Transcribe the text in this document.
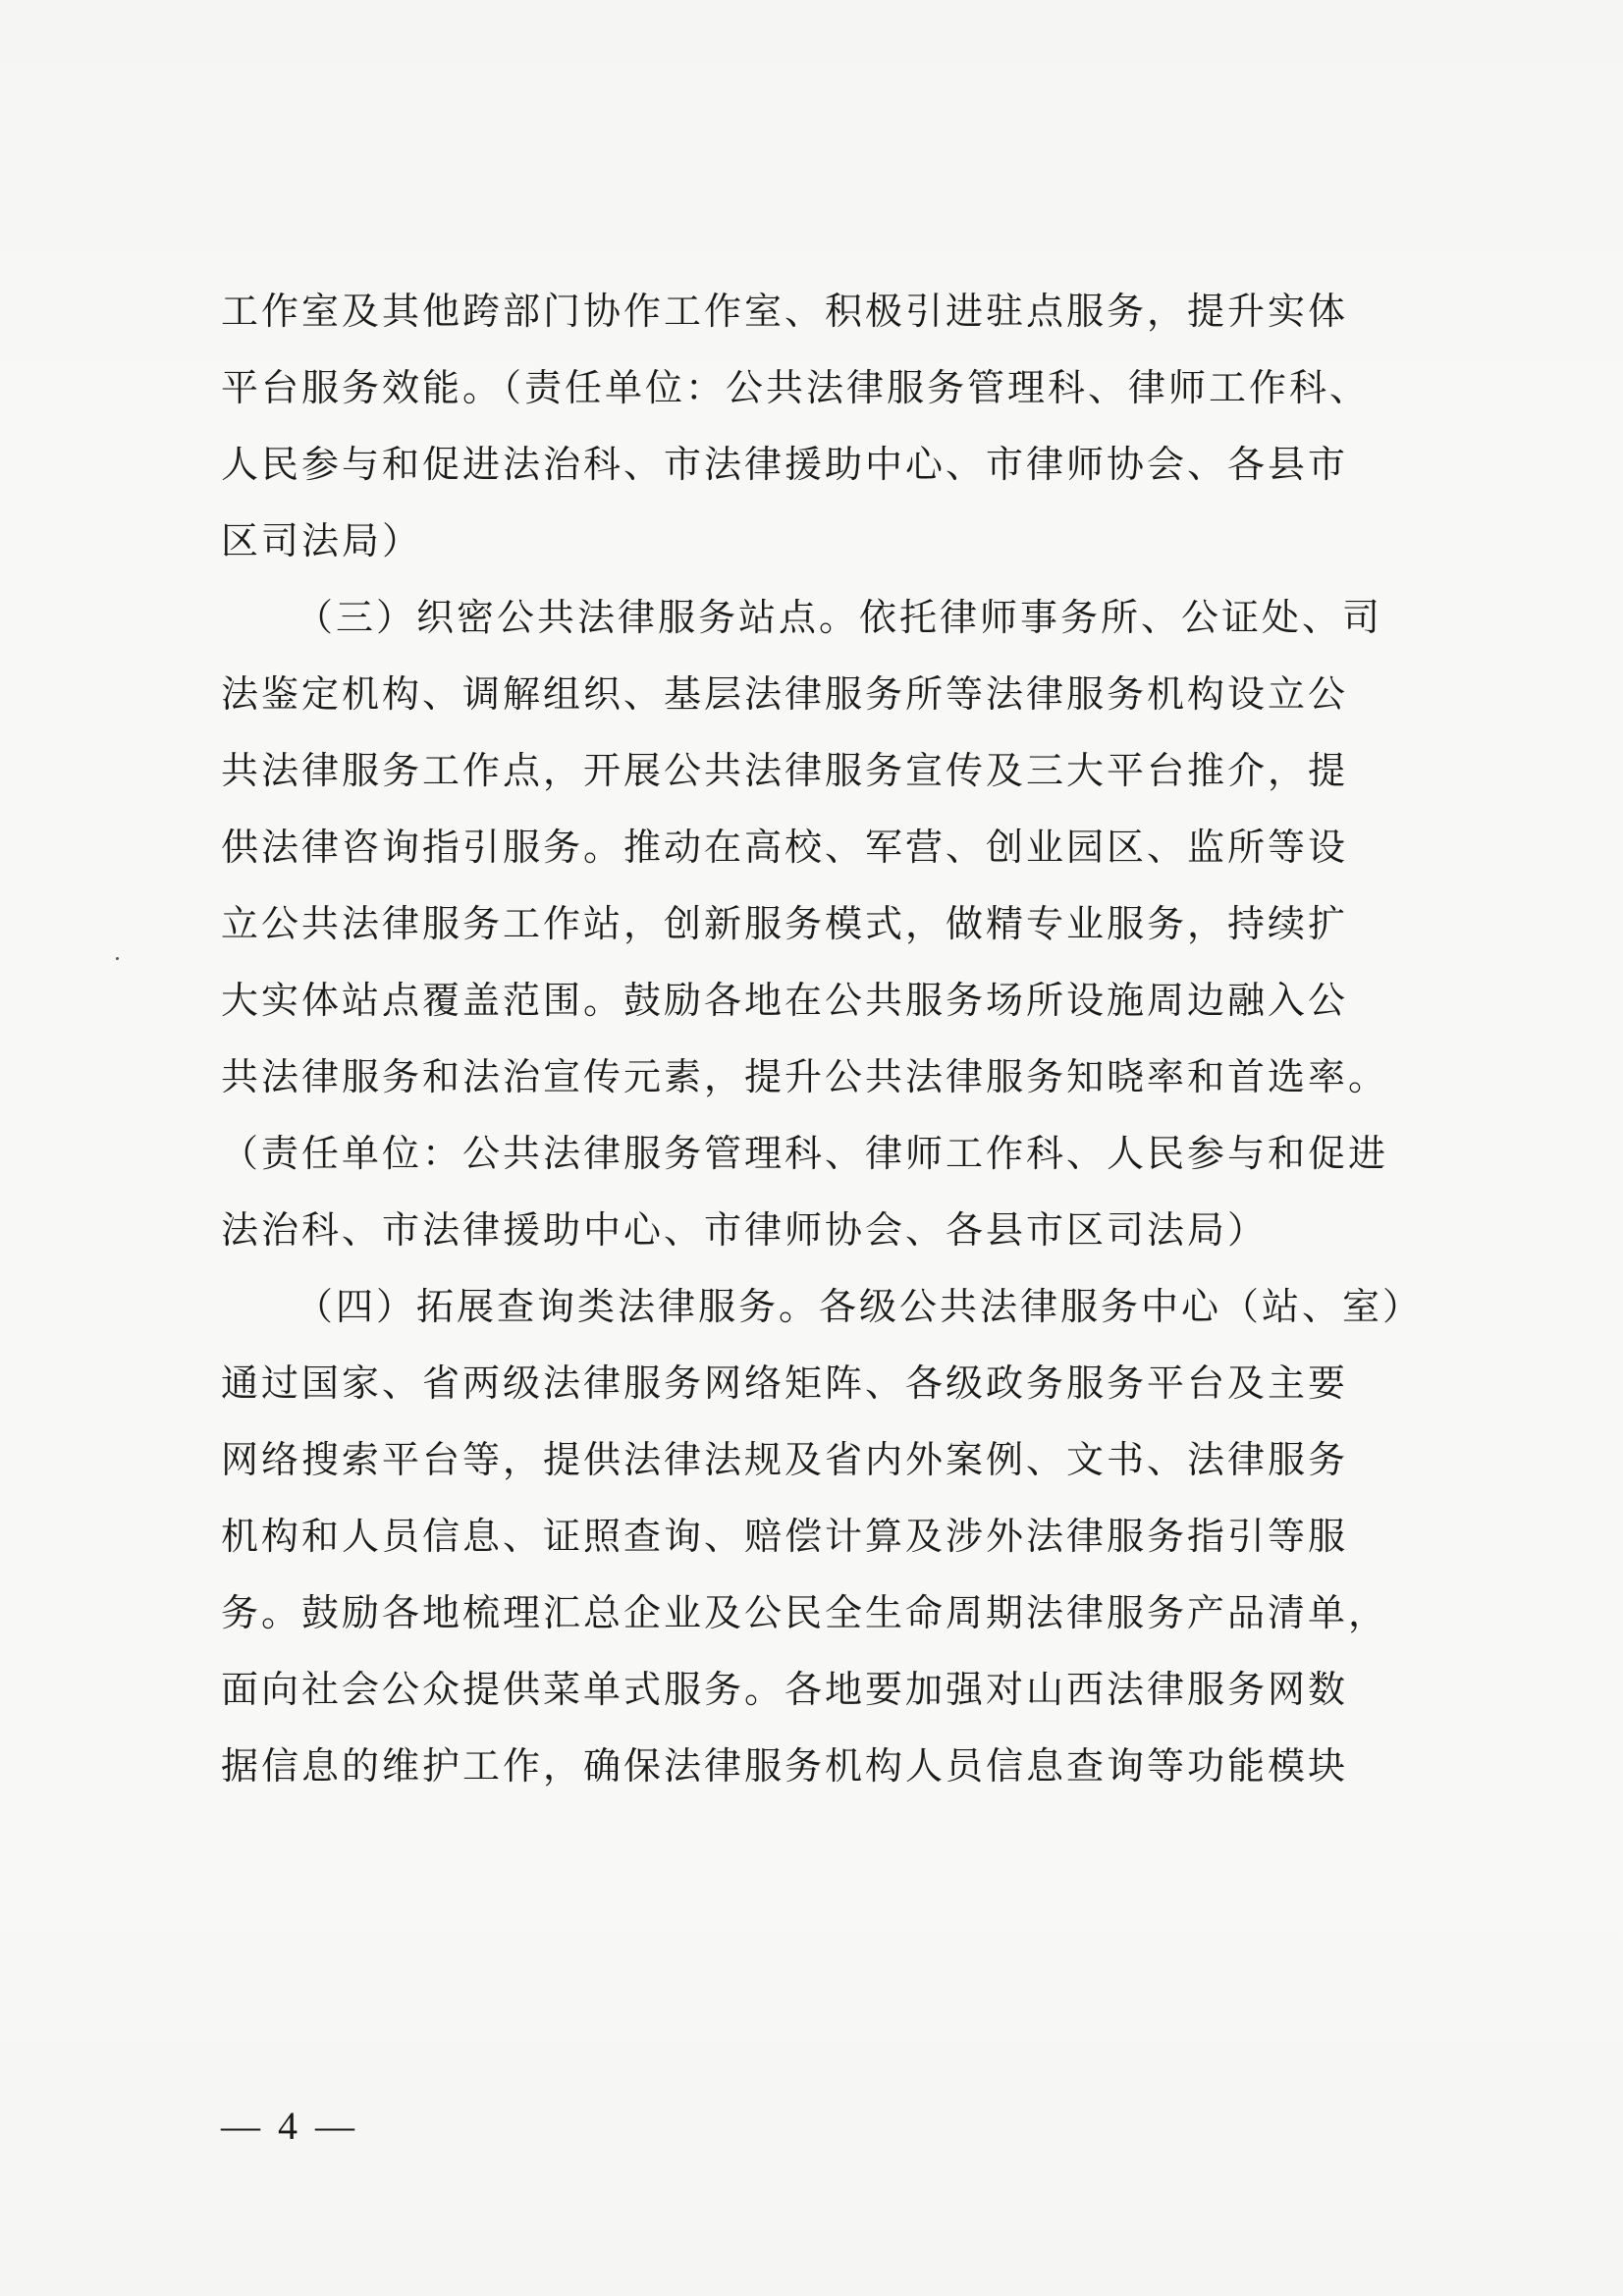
工作室及其他跨部门协作工作室、积极引进驻点服务，提升实体
平台服务效能。（责任单位：公共法律服务管理科、律师工作科、
人民参与和促进法治科、市法律援助中心、市律师协会、各县市
区司法局）
（三）织密公共法律服务站点。依托律师事务所、公证处、司
法鉴定机构、调解组织、基层法律服务所等法律服务机构设立公
共法律服务工作点，开展公共法律服务宣传及三大平台推介，提
供法律咨询指引服务。推动在高校、军营、创业园区、监所等设
立公共法律服务工作站，创新服务模式，做精专业服务，持续扩
大实体站点覆盖范围。鼓励各地在公共服务场所设施周边融入公
共法律服务和法治宣传元素，提升公共法律服务知晓率和首选率。
（责任单位：公共法律服务管理科、律师工作科、人民参与和促进
法治科、市法律援助中心、市律师协会、各县市区司法局）
（四）拓展查询类法律服务。各级公共法律服务中心（站、室）
通过国家、省两级法律服务网络矩阵、各级政务服务平台及主要
网络搜索平台等，提供法律法规及省内外案例、文书、法律服务
机构和人员信息、证照查询、赔偿计算及涉外法律服务指引等服
务。鼓励各地梳理汇总企业及公民全生命周期法律服务产品清单，
面向社会公众提供菜单式服务。各地要加强对山西法律服务网数
据信息的维护工作，确保法律服务机构人员信息查询等功能模块
— 4 —
